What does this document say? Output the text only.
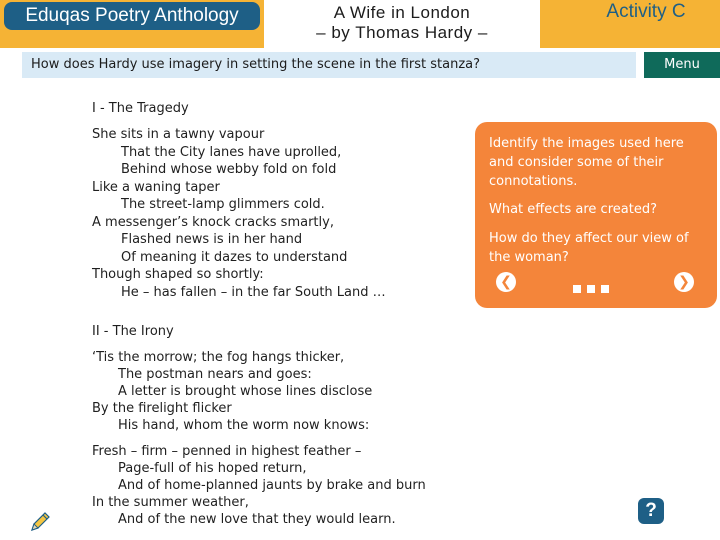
Eduqas Poetry Anthology	A Wife in London
– by Thomas Hardy –
Activity C
How does Hardy use imagery in setting the scene in the first stanza?	Menu
I - The Tragedy
She sits in a tawny vapour
That the City lanes have uprolled,
Behind whose webby fold on fold
Like a waning taper
The street-lamp glimmers cold.
A messenger’s knock cracks smartly,
Flashed news is in her hand
Of meaning it dazes to understand
Though shaped so shortly:
He – has fallen – in the far South Land …
II - The Irony
‘Tis the morrow; the fog hangs thicker,
The postman nears and goes:
A letter is brought whose lines disclose
By the firelight flicker
His hand, whom the worm now knows:
Fresh – firm – penned in highest feather –
Page-full of his hoped return,
And of home-planned jaunts by brake and burn
In the summer weather,
And of the new love that they would learn.

Identify the images used here and consider some of their connotations.

What effects are created?

How do they affect our view of the woman?

❮	❯
?
